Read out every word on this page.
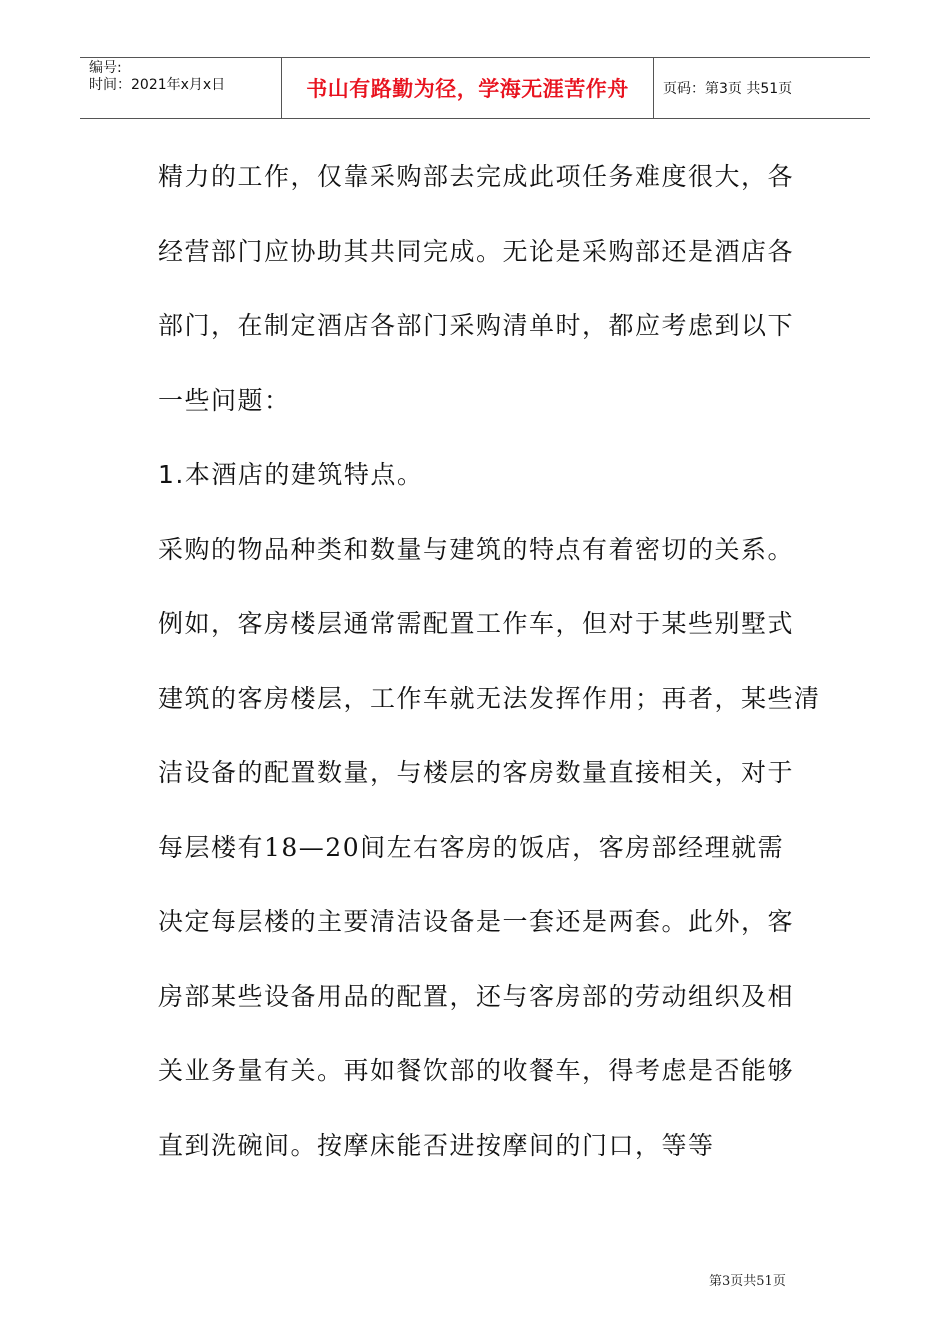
编号:
时间：2021年x月x日	书山有路勤为径，学海无涯苦作舟 页码：第3页 共51页
精力的工作，仅靠采购部去完成此项任务难度很大，各
经营部门应协助其共同完成。无论是采购部还是酒店各
部门，在制定酒店各部门采购清单时，都应考虑到以下
一些问题：
1.本酒店的建筑特点。
采购的物品种类和数量与建筑的特点有着密切的关系。
例如，客房楼层通常需配置工作车，但对于某些别墅式
建筑的客房楼层，工作车就无法发挥作用；再者，某些清
洁设备的配置数量，与楼层的客房数量直接相关，对于
每层楼有18—20间左右客房的饭店，客房部经理就需
决定每层楼的主要清洁设备是一套还是两套。此外，客
房部某些设备用品的配置，还与客房部的劳动组织及相
关业务量有关。再如餐饮部的收餐车，得考虑是否能够
直到洗碗间。按摩床能否进按摩间的门口，等等
第3页共51页
